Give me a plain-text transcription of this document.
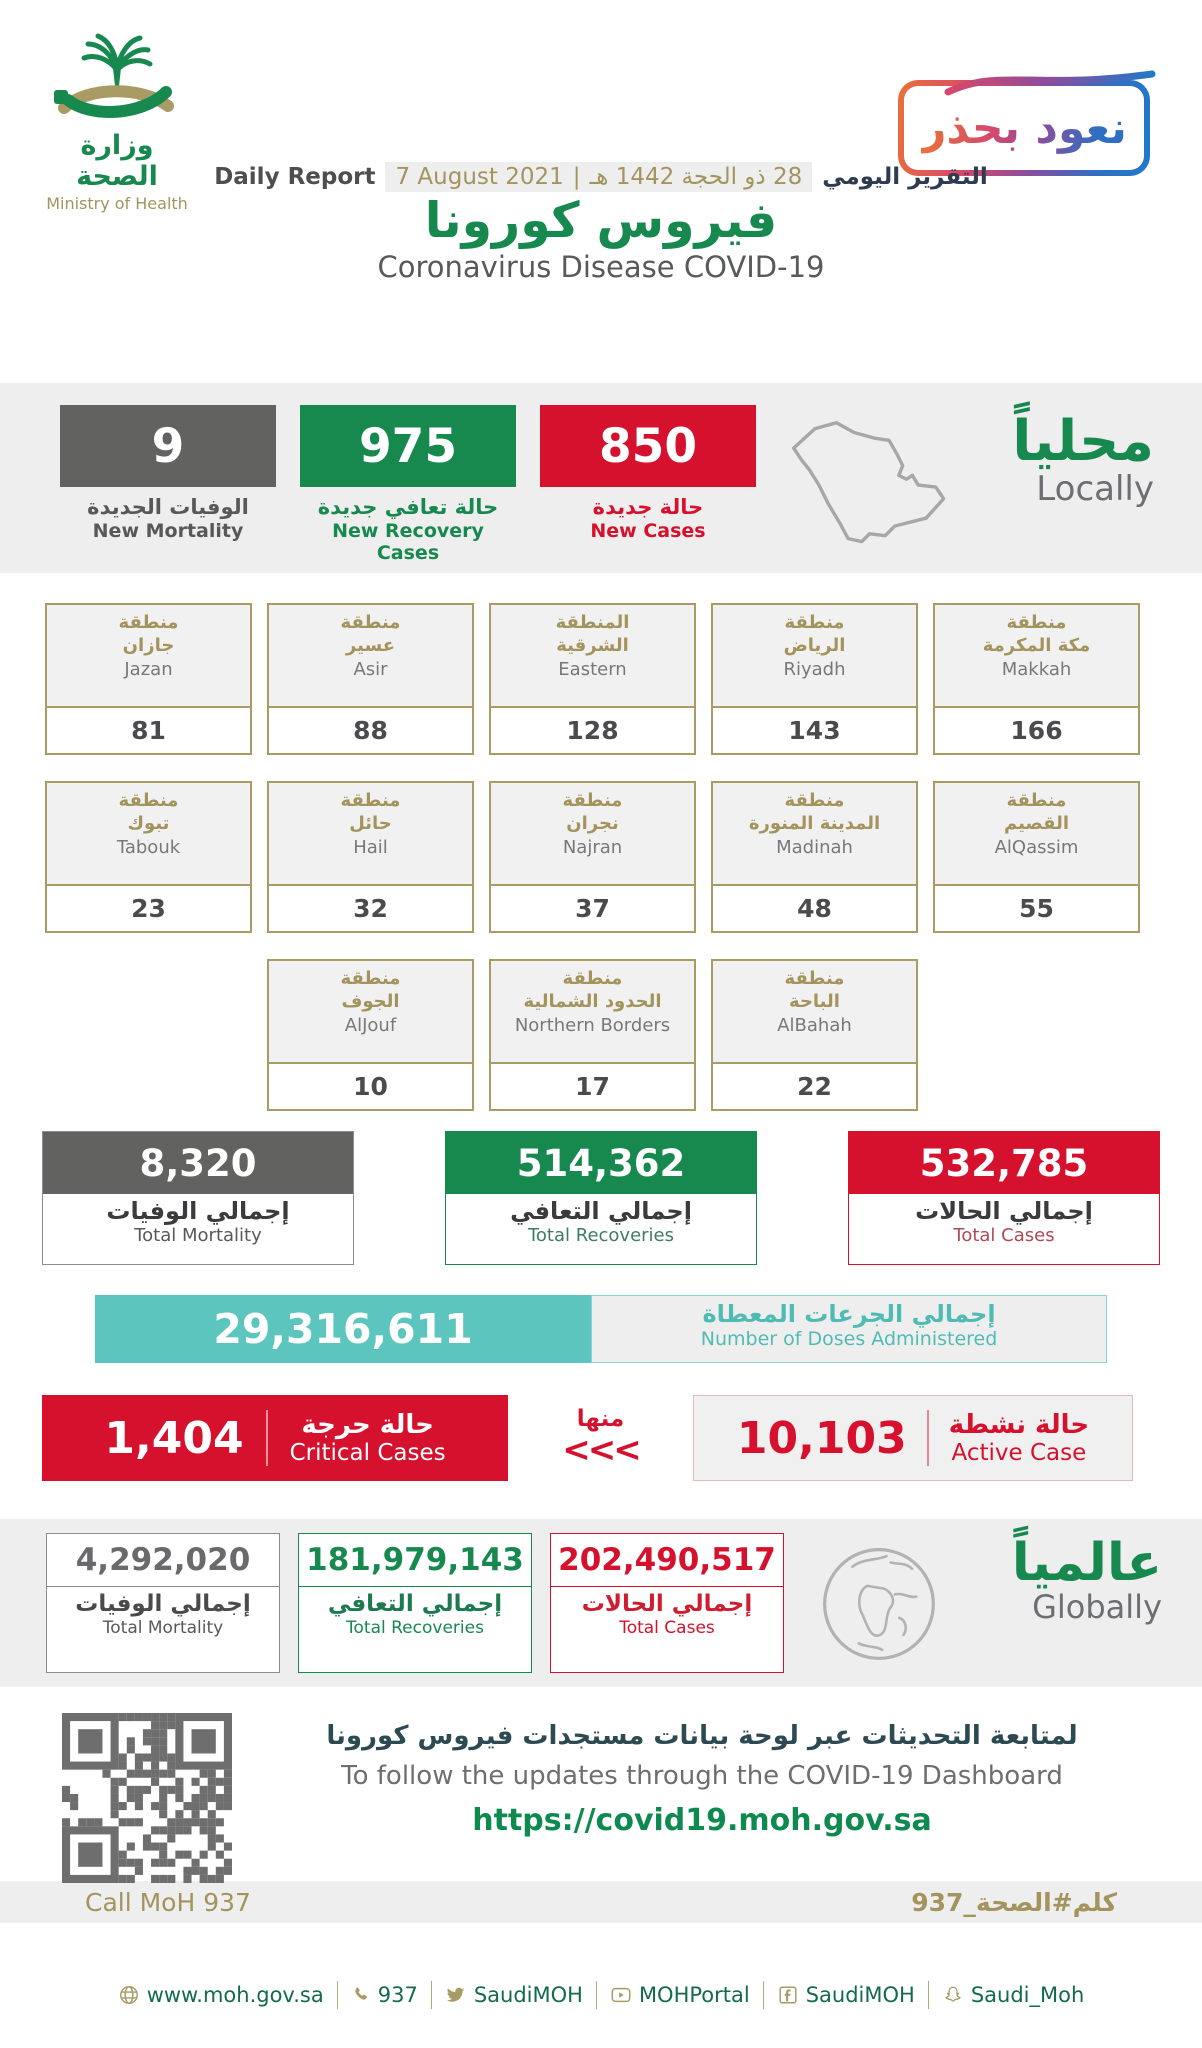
وزارة الصحة
Ministry of Health
نعود بحذر
Daily Report 7 August 2021 | 28 ذو الحجة 1442 هـ التقرير اليومي
فيروس كورونا
Coronavirus Disease COVID-19
9
الوفيات الجديدة
New Mortality
975
حالة تعافي جديدة
New Recovery Cases
850
حالة جديدة
New Cases
محلياً
Locally
منطقة
جازان
Jazan
81
منطقة
عسير
Asir
88
المنطقة
الشرقية
Eastern
128
منطقة
الرياض
Riyadh
143
منطقة
مكة المكرمة
Makkah
166
منطقة
تبوك
Tabouk
23
منطقة
حائل
Hail
32
منطقة
نجران
Najran
37
منطقة
المدينة المنورة
Madinah
48
منطقة
القصيم
AlQassim
55
منطقة
الجوف
AlJouf
10
منطقة
الحدود الشمالية
Northern Borders
17
منطقة
الباحة
AlBahah
22
8,320
إجمالي الوفيات
Total Mortality
514,362
إجمالي التعافي
Total Recoveries
532,785
إجمالي الحالات
Total Cases
29,316,611	إجمالي الجرعات المعطاة
Number of Doses Administered
1,404	حالة حرجة
Critical Cases
منها
<<<	10,103 حالة نشطة
Active Case
4,292,020
إجمالي الوفيات
Total Mortality
181,979,143
إجمالي التعافي
Total Recoveries
202,490,517
إجمالي الحالات
Total Cases
عالمياً
Globally
لمتابعة التحديثات عبر لوحة بيانات مستجدات فيروس كورونا
To follow the updates through the COVID-19 Dashboard
https://covid19.moh.gov.sa
Call MoH 937	كلم#الصحة_937
www.moh.gov.sa	937	SaudiMOH	MOHPortal	SaudiMOH	Saudi_Moh
